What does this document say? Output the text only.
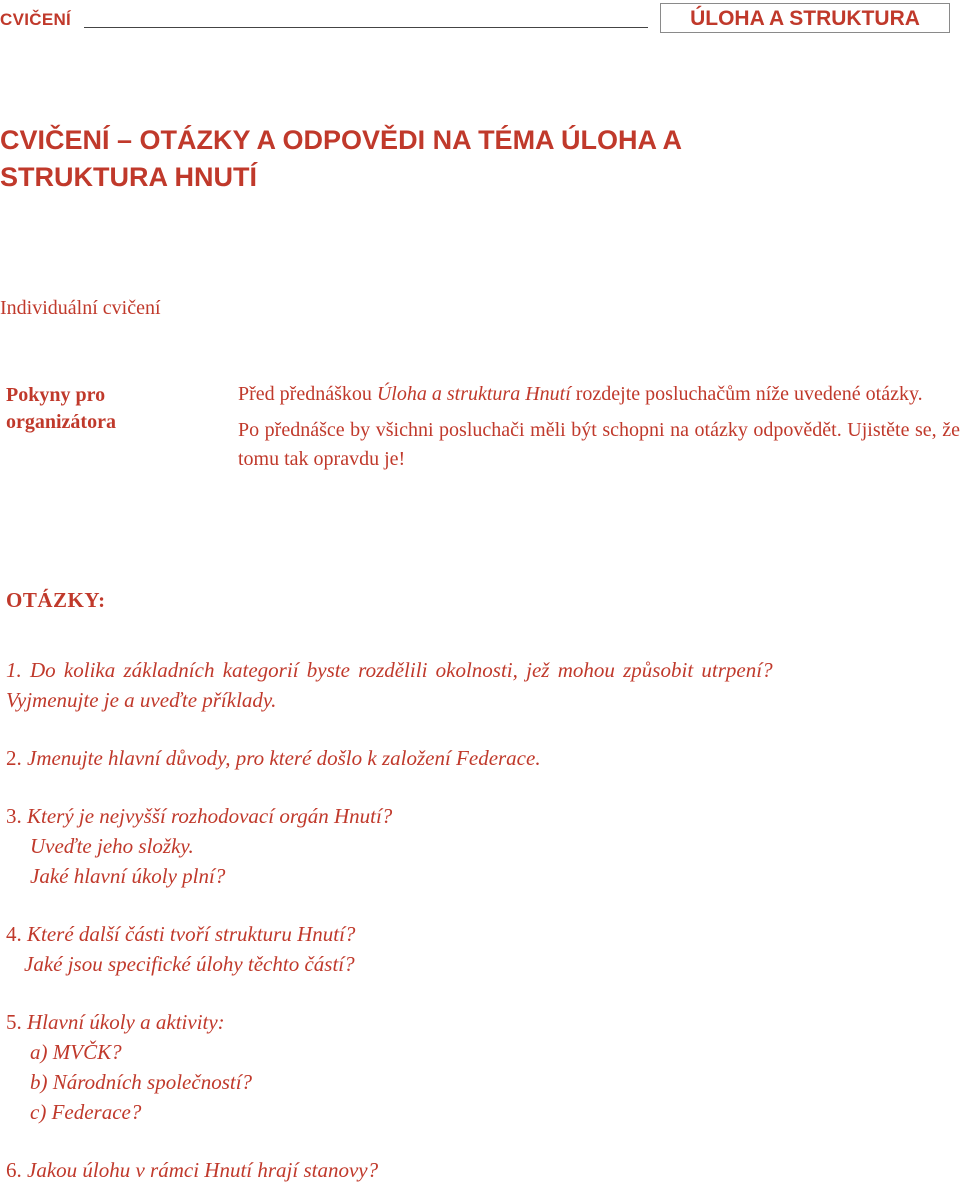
CVIČENÍ	ÚLOHA A STRUKTURA
CVIČENÍ – OTÁZKY A ODPOVĚDI NA TÉMA ÚLOHA A
STRUKTURA HNUTÍ
Individuální cvičení
Pokyny pro
organizátora

Před přednáškou Úloha a struktura Hnutí rozdejte posluchačům níže uvedené otázky.

Po přednášce by všichni posluchači měli být schopni na otázky odpovědět. Ujistěte se, že tomu tak opravdu je!

OTÁZKY:
1. Do kolika základních kategorií byste rozdělili okolnosti, jež mohou způsobit utrpení?
Vyjmenujte je a uveďte příklady.
2. Jmenujte hlavní důvody, pro které došlo k založení Federace.
3. Který je nejvyšší rozhodovací orgán Hnutí?
Uveďte jeho složky.
Jaké hlavní úkoly plní?
4. Které další části tvoří strukturu Hnutí?
Jaké jsou specifické úlohy těchto částí?
5. Hlavní úkoly a aktivity:
a) MVČK?
b) Národních společností?
c) Federace?
6. Jakou úlohu v rámci Hnutí hrají stanovy?
